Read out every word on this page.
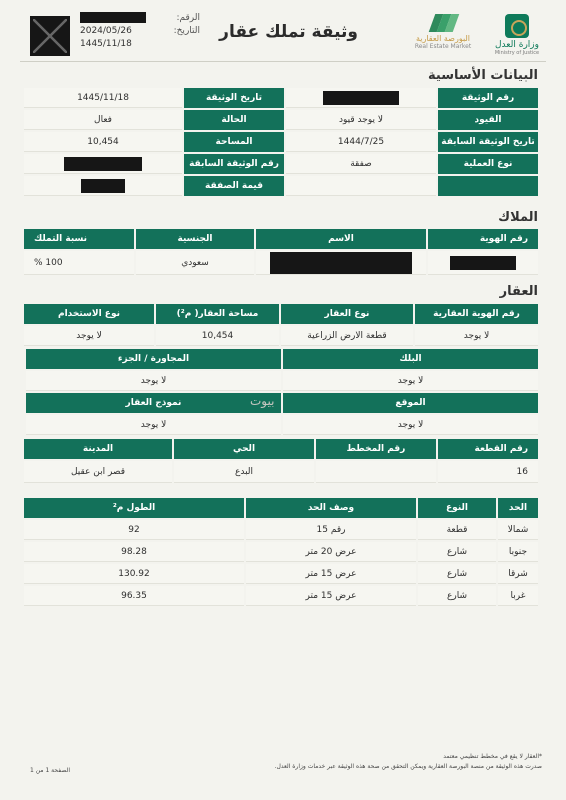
وزارة العدل
Ministry of Justice
البورصة العقارية
Real Estate Market
وثيقة تملك عقار
الرقم:
التاريخ:
2024/05/26
1445/11/18
البيانات الأساسية
رقم الوثيقة		تاريخ الوثيقة	1445/11/18
القيود	لا يوجد قيود	الحالة	فعال
تاريخ الوثيقة السابقة	1444/7/25	المساحة	10,454
نوع العملية	صفقة	رقم الوثيقة السابقة	
		قيمة الصفقة	
الملاك
رقم الهوية	الاسم	الجنسية	نسبة التملك
		سعودي	100 %
العقار
رقم الهوية العقارية	نوع العقار	مساحة العقار( م²)	نوع الاستخدام
لا يوجد	قطعة الارض الزراعية	10,454	لا يوجد
البلك	المجاورة / الجزء
لا يوجد	لا يوجد
الموقع	نموذج العقار
لا يوجد	لا يوجد
رقم القطعة	رقم المخطط	الحي	المدينة
16		البدع	قصر ابن عقيل
الحد	النوع	وصف الحد	الطول م²
شمالا	قطعة	رقم 15	92
جنوبا	شارع	عرض 20 متر	98.28
شرقا	شارع	عرض 15 متر	130.92
غربا	شارع	عرض 15 متر	96.35
بيوت
*العقار لا يقع في مخطط تنظيمي معتمد
صدرت هذه الوثيقة من منصة البورصة العقارية ويمكن التحقق من صحة هذه الوثيقة عبر خدمات وزارة العدل.
الصفحة 1 من 1
